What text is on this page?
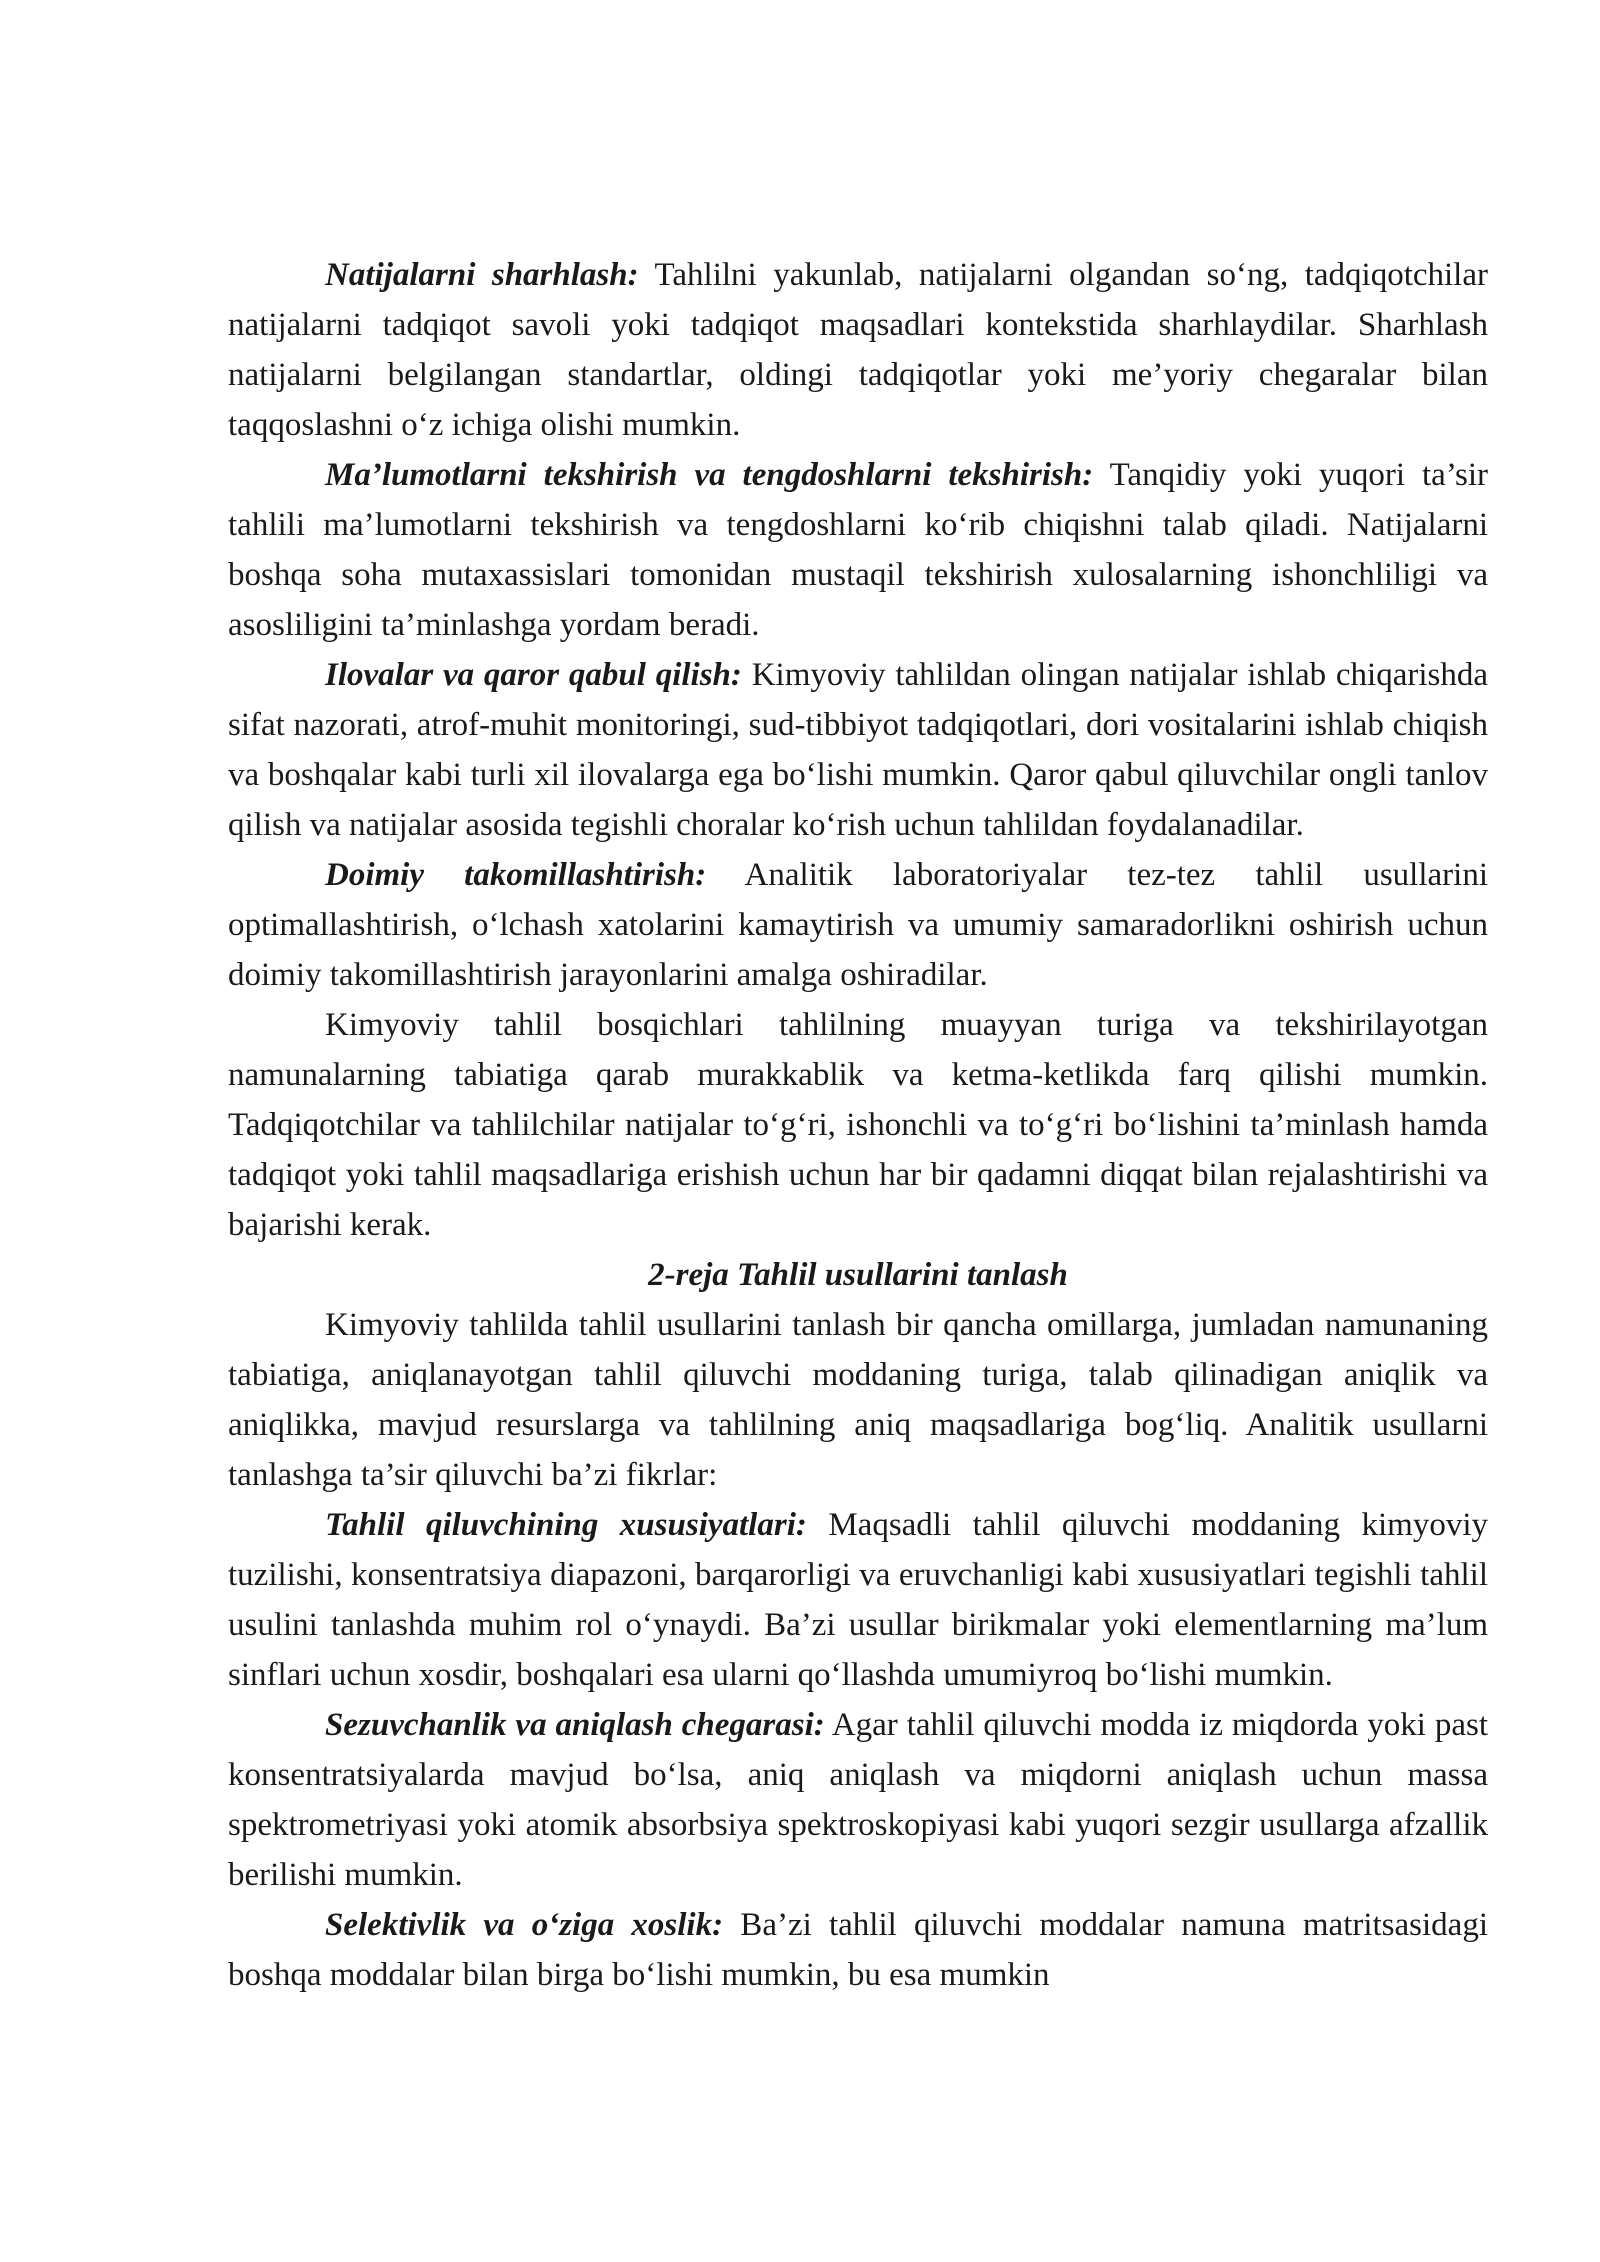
Natijalarni sharhlash: Tahlilni yakunlab, natijalarni olgandan so‘ng, tadqiqotchilar natijalarni tadqiqot savoli yoki tadqiqot maqsadlari kontekstida sharhlaydilar. Sharhlash natijalarni belgilangan standartlar, oldingi tadqiqotlar yoki me’yoriy chegaralar bilan taqqoslashni o‘z ichiga olishi mumkin.

Ma’lumotlarni tekshirish va tengdoshlarni tekshirish: Tanqidiy yoki yuqori ta’sir tahlili ma’lumotlarni tekshirish va tengdoshlarni ko‘rib chiqishni talab qiladi. Natijalarni boshqa soha mutaxassislari tomonidan mustaqil tekshirish xulosalarning ishonchliligi va asosliligini ta’minlashga yordam beradi.

Ilovalar va qaror qabul qilish: Kimyoviy tahlildan olingan natijalar ishlab chiqarishda sifat nazorati, atrof-muhit monitoringi, sud-tibbiyot tadqiqotlari, dori vositalarini ishlab chiqish va boshqalar kabi turli xil ilovalarga ega bo‘lishi mumkin. Qaror qabul qiluvchilar ongli tanlov qilish va natijalar asosida tegishli choralar ko‘rish uchun tahlildan foydalanadilar.

Doimiy takomillashtirish: Analitik laboratoriyalar tez-tez tahlil usullarini optimallashtirish, o‘lchash xatolarini kamaytirish va umumiy samaradorlikni oshirish uchun doimiy takomillashtirish jarayonlarini amalga oshiradilar.

Kimyoviy tahlil bosqichlari tahlilning muayyan turiga va tekshirilayotgan namunalarning tabiatiga qarab murakkablik va ketma-ketlikda farq qilishi mumkin. Tadqiqotchilar va tahlilchilar natijalar to‘g‘ri, ishonchli va to‘g‘ri bo‘lishini ta’minlash hamda tadqiqot yoki tahlil maqsadlariga erishish uchun har bir qadamni diqqat bilan rejalashtirishi va bajarishi kerak.

2-reja Tahlil usullarini tanlash

Kimyoviy tahlilda tahlil usullarini tanlash bir qancha omillarga, jumladan namunaning tabiatiga, aniqlanayotgan tahlil qiluvchi moddaning turiga, talab qilinadigan aniqlik va aniqlikka, mavjud resurslarga va tahlilning aniq maqsadlariga bog‘liq. Analitik usullarni tanlashga ta’sir qiluvchi ba’zi fikrlar:

Tahlil qiluvchining xususiyatlari: Maqsadli tahlil qiluvchi moddaning kimyoviy tuzilishi, konsentratsiya diapazoni, barqarorligi va eruvchanligi kabi xususiyatlari tegishli tahlil usulini tanlashda muhim rol o‘ynaydi. Ba’zi usullar birikmalar yoki elementlarning ma’lum sinflari uchun xosdir, boshqalari esa ularni qo‘llashda umumiyroq bo‘lishi mumkin.

Sezuvchanlik va aniqlash chegarasi: Agar tahlil qiluvchi modda iz miqdorda yoki past konsentratsiyalarda mavjud bo‘lsa, aniq aniqlash va miqdorni aniqlash uchun massa spektrometriyasi yoki atomik absorbsiya spektroskopiyasi kabi yuqori sezgir usullarga afzallik berilishi mumkin.

Selektivlik va o‘ziga xoslik: Ba’zi tahlil qiluvchi moddalar namuna matritsasidagi boshqa moddalar bilan birga bo‘lishi mumkin, bu esa mumkin
